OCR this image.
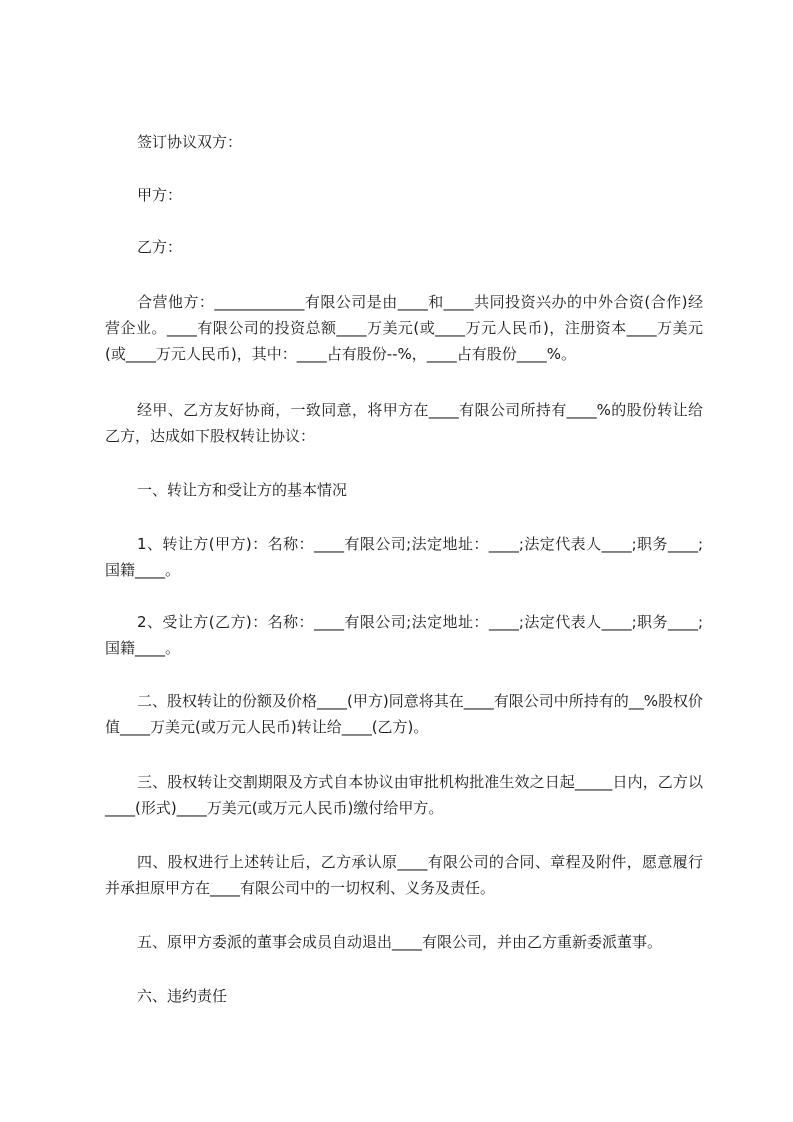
签订协议双方：

甲方：

乙方：

合营他方：____________有限公司是由____和____共同投资兴办的中外合资(合作)经营企业。____有限公司的投资总额____万美元(或____万元人民币)，注册资本____万美元(或____万元人民币)，其中：____占有股份--%，____占有股份____%。

经甲、乙方友好协商，一致同意，将甲方在____有限公司所持有____%的股份转让给乙方，达成如下股权转让协议：

一、转让方和受让方的基本情况

1、转让方(甲方)：名称：____有限公司;法定地址：____;法定代表人____;职务____;国籍____。

2、受让方(乙方)：名称：____有限公司;法定地址：____;法定代表人____;职务____;国籍____。

二、股权转让的份额及价格____(甲方)同意将其在____有限公司中所持有的__%股权价值____万美元(或万元人民币)转让给____(乙方)。

三、股权转让交割期限及方式自本协议由审批机构批准生效之日起_____日内，乙方以____(形式)____万美元(或万元人民币)缴付给甲方。

四、股权进行上述转让后，乙方承认原____有限公司的合同、章程及附件，愿意履行并承担原甲方在____有限公司中的一切权利、义务及责任。

五、原甲方委派的董事会成员自动退出____有限公司，并由乙方重新委派董事。

六、违约责任
